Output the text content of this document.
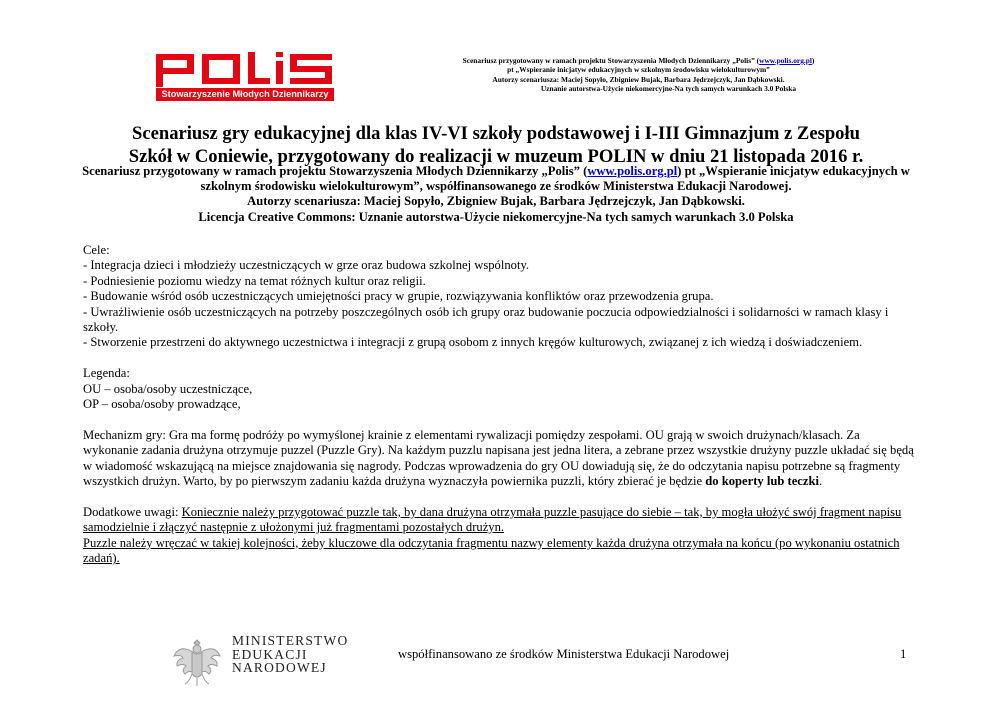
Stowarzyszenie Młodych Dziennikarzy
Scenariusz przygotowany w ramach projektu Stowarzyszenia Młodych Dziennikarzy „Polis” (www.polis.org.pl)
pt „Wspieranie inicjatyw edukacyjnych w szkolnym środowisku wielokulturowym”
Autorzy scenariusza: Maciej Sopyło, Zbigniew Bujak, Barbara Jędrzejczyk, Jan Dąbkowski.
Uznanie autorstwa-Użycie niekomercyjne-Na tych samych warunkach 3.0 Polska
Scenariusz gry edukacyjnej dla klas IV-VI szkoły podstawowej i I-III Gimnazjum z Zespołu
Szkół w Coniewie, przygotowany do realizacji w muzeum POLIN w dniu 21 listopada 2016 r.
Scenariusz przygotowany w ramach projektu Stowarzyszenia Młodych Dziennikarzy „Polis” (www.polis.org.pl) pt „Wspieranie inicjatyw edukacyjnych w szkolnym środowisku wielokulturowym”, współfinansowanego ze środków Ministerstwa Edukacji Narodowej.
Autorzy scenariusza: Maciej Sopyło, Zbigniew Bujak, Barbara Jędrzejczyk, Jan Dąbkowski.
Licencja Creative Commons: Uznanie autorstwa-Użycie niekomercyjne-Na tych samych warunkach 3.0 Polska

Cele:

- Integracja dzieci i młodzieży uczestniczących w grze oraz budowa szkolnej wspólnoty.

- Podniesienie poziomu wiedzy na temat różnych kultur oraz religii.

- Budowanie wśród osób uczestniczących umiejętności pracy w grupie, rozwiązywania konfliktów oraz przewodzenia grupa.

- Uwrażliwienie osób uczestniczących na potrzeby poszczególnych osób ich grupy oraz budowanie poczucia odpowiedzialności i solidarności w ramach klasy i szkoły.

- Stworzenie przestrzeni do aktywnego uczestnictwa i integracji z grupą osobom z innych kręgów kulturowych, związanej z ich wiedzą i doświadczeniem.

Legenda:

OU – osoba/osoby uczestniczące,

OP – osoba/osoby prowadzące,

Mechanizm gry: Gra ma formę podróży po wymyślonej krainie z elementami rywalizacji pomiędzy zespołami. OU grają w swoich drużynach/klasach. Za wykonanie zadania drużyna otrzymuje puzzel (Puzzle Gry). Na każdym puzzlu napisana jest jedna litera, a zebrane przez wszystkie drużyny puzzle układać się będą w wiadomość wskazującą na miejsce znajdowania się nagrody. Podczas wprowadzenia do gry OU dowiadują się, że do odczytania napisu potrzebne są fragmenty wszystkich drużyn. Warto, by po pierwszym zadaniu każda drużyna wyznaczyła powiernika puzzli, który zbierać je będzie do koperty lub teczki.

Dodatkowe uwagi: Koniecznie należy przygotować puzzle tak, by dana drużyna otrzymała puzzle pasujące do siebie – tak, by mogła ułożyć swój fragment napisu samodzielnie i złączyć następnie z ułożonymi już fragmentami pozostałych drużyn.

Puzzle należy wręczać w takiej kolejności, żeby kluczowe dla odczytania fragmentu nazwy elementy każda drużyna otrzymała na końcu (po wykonaniu ostatnich zadań).

MINISTERSTWO
EDUKACJI
NARODOWEJ
współfinansowano ze środków Ministerstwa Edukacji Narodowej	1
